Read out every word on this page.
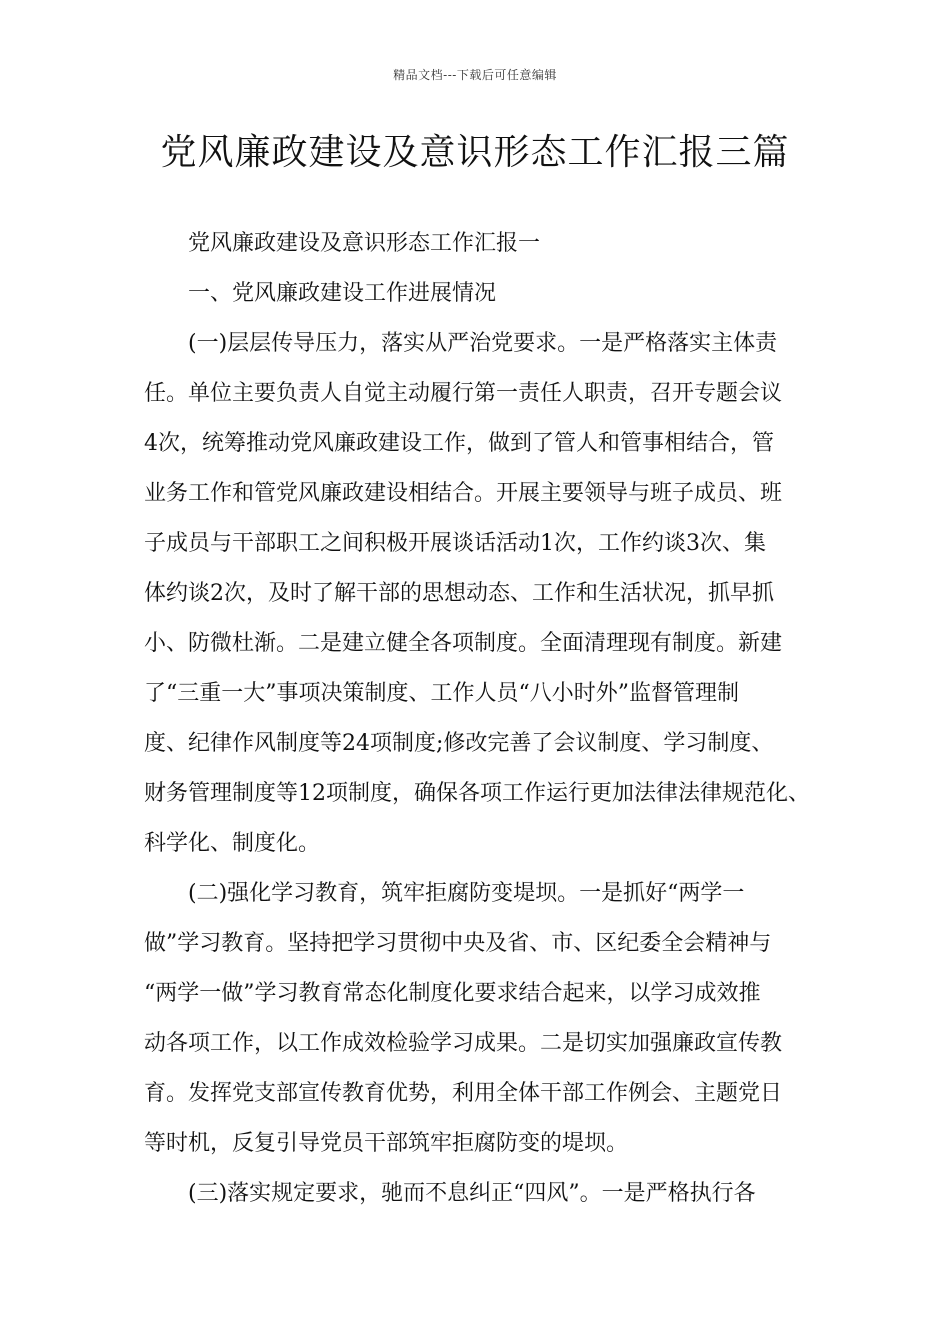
精品文档---下载后可任意编辑
党风廉政建设及意识形态工作汇报三篇
党风廉政建设及意识形态工作汇报一
一、党风廉政建设工作进展情况
(一)层层传导压力，落实从严治党要求。一是严格落实主体责
任。单位主要负责人自觉主动履行第一责任人职责，召开专题会议
4次，统筹推动党风廉政建设工作，做到了管人和管事相结合，管
业务工作和管党风廉政建设相结合。开展主要领导与班子成员、班
子成员与干部职工之间积极开展谈话活动1次，工作约谈3次、集
体约谈2次，及时了解干部的思想动态、工作和生活状况，抓早抓
小、防微杜渐。二是建立健全各项制度。全面清理现有制度。新建
了“三重一大”事项决策制度、工作人员“八小时外”监督管理制
度、纪律作风制度等24项制度;修改完善了会议制度、学习制度、
财务管理制度等12项制度，确保各项工作运行更加法律法律规范化、
科学化、制度化。
(二)强化学习教育，筑牢拒腐防变堤坝。一是抓好“两学一
做”学习教育。坚持把学习贯彻中央及省、市、区纪委全会精神与
“两学一做”学习教育常态化制度化要求结合起来，以学习成效推
动各项工作，以工作成效检验学习成果。二是切实加强廉政宣传教
育。发挥党支部宣传教育优势，利用全体干部工作例会、主题党日
等时机，反复引导党员干部筑牢拒腐防变的堤坝。
(三)落实规定要求，驰而不息纠正“四风”。一是严格执行各
